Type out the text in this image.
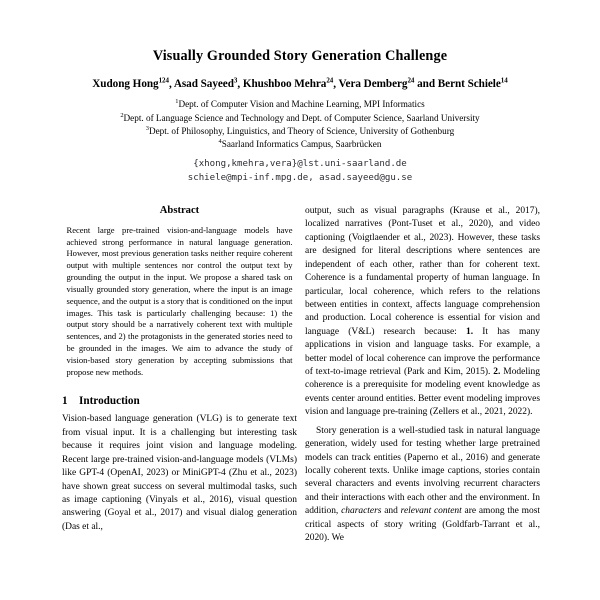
Visually Grounded Story Generation Challenge
Xudong Hong$^{124}$, Asad Sayeed$^3$, Khushboo Mehra$^{24}$, Vera Demberg$^{24}$ and Bernt Schiele$^{14}$
$^1$Dept. of Computer Vision and Machine Learning, MPI Informatics
$^2$Dept. of Language Science and Technology and Dept. of Computer Science, Saarland University
$^3$Dept. of Philosophy, Linguistics, and Theory of Science, University of Gothenburg
$^4$Saarland Informatics Campus, Saarbrücken
{xhong,kmehra,vera}@lst.uni-saarland.de
schiele@mpi-inf.mpg.de, asad.sayeed@gu.se
Abstract

Recent large pre-trained vision-and-language models have achieved strong performance in natural language generation. However, most previous generation tasks neither require coherent output with multiple sentences nor control the output text by grounding the output in the input. We propose a shared task on visually grounded story generation, where the input is an image sequence, and the output is a story that is conditioned on the input images. This task is particularly challenging because: 1) the output story should be a narratively coherent text with multiple sentences, and 2) the protagonists in the generated stories need to be grounded in the images. We aim to advance the study of vision-based story generation by accepting submissions that propose new methods.

1 Introduction

Vision-based language generation (VLG) is to generate text from visual input. It is a challenging but interesting task because it requires joint vision and language modeling. Recent large pre-trained vision-and-language models (VLMs) like GPT-4 (OpenAI, 2023) or MiniGPT-4 (Zhu et al., 2023) have shown great success on several multimodal tasks, such as image captioning (Vinyals et al., 2016), visual question answering (Goyal et al., 2017) and visual dialog generation (Das et al.,

output, such as visual paragraphs (Krause et al., 2017), localized narratives (Pont-Tuset et al., 2020), and video captioning (Voigtlaender et al., 2023). However, these tasks are designed for literal descriptions where sentences are independent of each other, rather than for coherent text. Coherence is a fundamental property of human language. In particular, local coherence, which refers to the relations between entities in context, affects language comprehension and production. Local coherence is essential for vision and language (V&L) research because: 1. It has many applications in vision and language tasks. For example, a better model of local coherence can improve the performance of text-to-image retrieval (Park and Kim, 2015). 2. Modeling coherence is a prerequisite for modeling event knowledge as events center around entities. Better event modeling improves vision and language pre-training (Zellers et al., 2021, 2022).

Story generation is a well-studied task in natural language generation, widely used for testing whether large pretrained models can track entities (Paperno et al., 2016) and generate locally coherent texts. Unlike image captions, stories contain several characters and events involving recurrent characters and their interactions with each other and the environment. In addition, characters and relevant content are among the most critical aspects of story writing (Goldfarb-Tarrant et al., 2020). We
